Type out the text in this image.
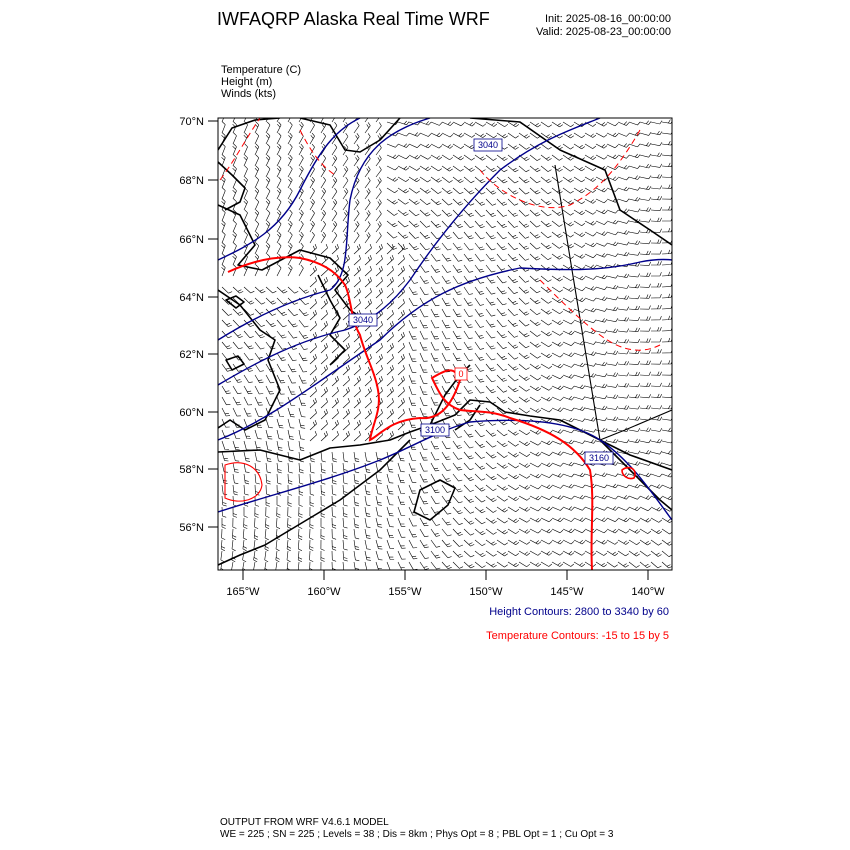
IWFAQRP Alaska Real Time WRF	Init: 2025-08-16_00:00:00
Valid: 2025-08-23_00:00:00
Temperature (C)
Height (m)
Winds (kts)
3040
3040
3100
3160
0
70°N
68°N
66°N
64°N
62°N
60°N
58°N
56°N
165°W	160°W	155°W	150°W	145°W	140°W
Height Contours: 2800 to 3340 by 60
Temperature Contours: -15 to 15 by 5
OUTPUT FROM WRF V4.6.1 MODEL
WE = 225 ; SN = 225 ; Levels = 38 ; Dis = 8km ; Phys Opt = 8 ; PBL Opt = 1 ; Cu Opt = 3
